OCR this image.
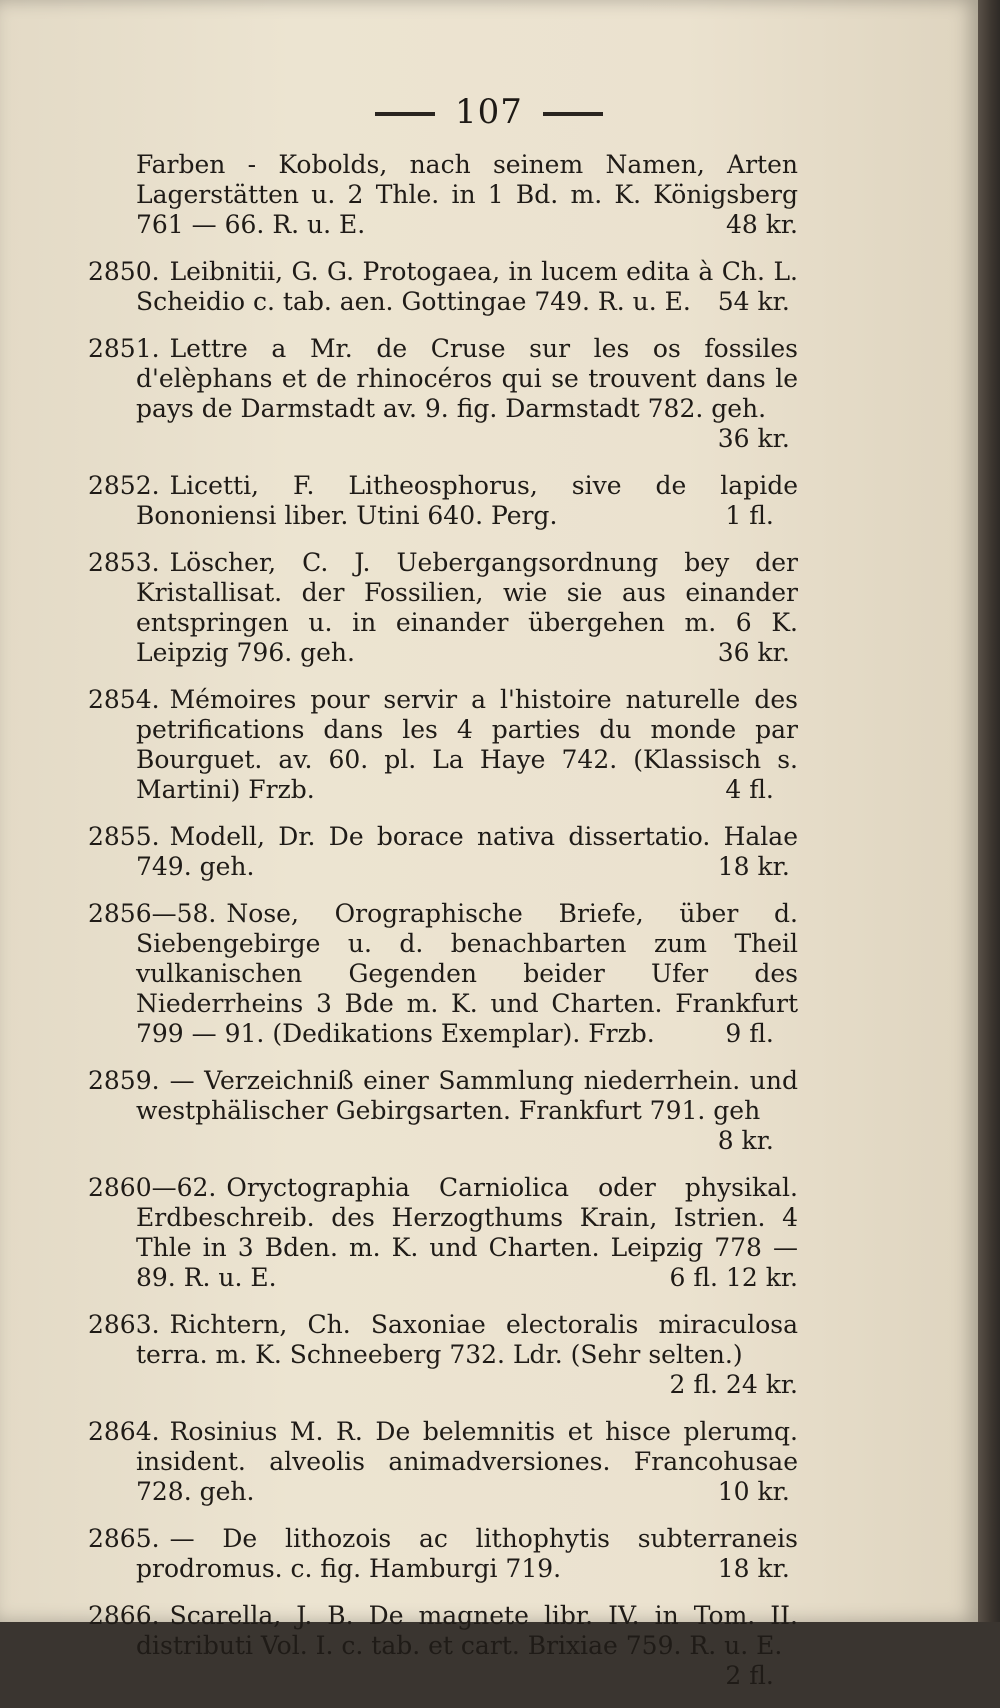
107
Farben - Kobolds, nach seinem Namen, Arten Lagerstätten u. 2 Thle. in 1 Bd. m. K. Königsberg 761 — 66. R. u. E.	48 kr.
2850. Leibnitii, G. G. Protogaea, in lucem edita à Ch. L. Scheidio c. tab. aen. Gottingae 749. R. u. E. 54 kr.
2851. Lettre a Mr. de Cruse sur les os fossiles d'elèphans et de rhinocéros qui se trouvent dans le pays de Darmstadt av. 9. fig. Darmstadt 782. geh.
36 kr.
2852. Licetti, F. Litheosphorus, sive de lapide Bononiensi liber. Utini 640. Perg.	1 fl.
2853. Löscher, C. J. Uebergangsordnung bey der Kristallisat. der Fossilien, wie sie aus einander entspringen u. in einander übergehen m. 6 K. Leipzig 796. geh.	36 kr.
2854. Mémoires pour servir a l'histoire naturelle des petrifications dans les 4 parties du monde par Bourguet. av. 60. pl. La Haye 742. (Klassisch s. Martini) Frzb.	4 fl.
2855. Modell, Dr. De borace nativa dissertatio. Halae 749. geh.	18 kr.
2856—58. Nose, Orographische Briefe, über d. Siebengebirge u. d. benachbarten zum Theil vulkanischen Gegenden beider Ufer des Niederrheins 3 Bde m. K. und Charten. Frankfurt 799 — 91. (Dedikations Exemplar). Frzb.	9 fl.
2859. — Verzeichniß einer Sammlung niederrhein. und westphälischer Gebirgsarten. Frankfurt 791. geh
8 kr.
2860—62. Oryctographia Carniolica oder physikal. Erdbeschreib. des Herzogthums Krain, Istrien. 4 Thle in 3 Bden. m. K. und Charten. Leipzig 778 — 89. R. u. E.	6 fl. 12 kr.
2863. Richtern, Ch. Saxoniae electoralis miraculosa terra. m. K. Schneeberg 732. Ldr. (Sehr selten.)
2 fl. 24 kr.
2864. Rosinius M. R. De belemnitis et hisce plerumq. insident. alveolis animadversiones. Francohusae 728. geh.	10 kr.
2865. — De lithozois ac lithophytis subterraneis prodromus. c. fig. Hamburgi 719.	18 kr.
2866. Scarella, J. B. De magnete libr. IV. in Tom. II. distributi Vol. I. c. tab. et cart. Brixiae 759. R. u. E.
2 fl.
